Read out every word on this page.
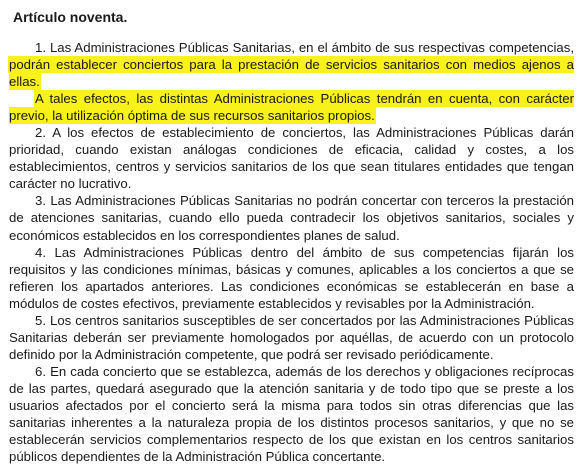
Artículo noventa.

1. Las Administraciones Públicas Sanitarias, en el ámbito de sus respectivas competencias, podrán establecer conciertos para la prestación de servicios sanitarios con medios ajenos a ellas.

A tales efectos, las distintas Administraciones Públicas tendrán en cuenta, con carácter previo, la utilización óptima de sus recursos sanitarios propios.

2. A los efectos de establecimiento de conciertos, las Administraciones Públicas darán prioridad, cuando existan análogas condiciones de eficacia, calidad y costes, a los establecimientos, centros y servicios sanitarios de los que sean titulares entidades que tengan carácter no lucrativo.

3. Las Administraciones Públicas Sanitarias no podrán concertar con terceros la prestación de atenciones sanitarias, cuando ello pueda contradecir los objetivos sanitarios, sociales y económicos establecidos en los correspondientes planes de salud.

4. Las Administraciones Públicas dentro del ámbito de sus competencias fijarán los requisitos y las condiciones mínimas, básicas y comunes, aplicables a los conciertos a que se refieren los apartados anteriores. Las condiciones económicas se establecerán en base a módulos de costes efectivos, previamente establecidos y revisables por la Administración.

5. Los centros sanitarios susceptibles de ser concertados por las Administraciones Públicas Sanitarias deberán ser previamente homologados por aquéllas, de acuerdo con un protocolo definido por la Administración competente, que podrá ser revisado periódicamente.

6. En cada concierto que se establezca, además de los derechos y obligaciones recíprocas de las partes, quedará asegurado que la atención sanitaria y de todo tipo que se preste a los usuarios afectados por el concierto será la misma para todos sin otras diferencias que las sanitarias inherentes a la naturaleza propia de los distintos procesos sanitarios, y que no se establecerán servicios complementarios respecto de los que existan en los centros sanitarios públicos dependientes de la Administración Pública concertante.
